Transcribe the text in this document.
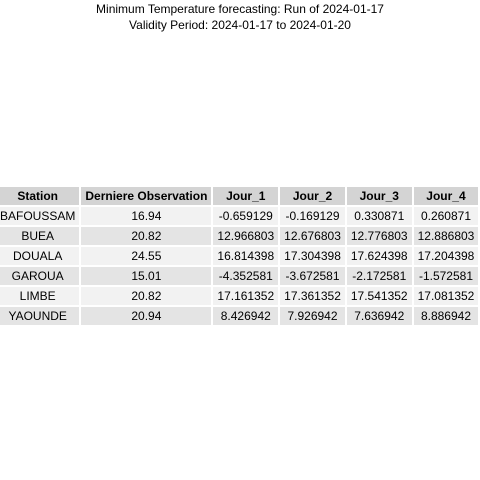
Minimum Temperature forecasting: Run of 2024-01-17
Validity Period: 2024-01-17 to 2024-01-20
Station	Derniere Observation	Jour_1	Jour_2	Jour_3	Jour_4
BAFOUSSAM	16.94	-0.659129	-0.169129	0.330871	0.260871
BUEA	20.82	12.966803	12.676803	12.776803	12.886803
DOUALA	24.55	16.814398	17.304398	17.624398	17.204398
GAROUA	15.01	-4.352581	-3.672581	-2.172581	-1.572581
LIMBE	20.82	17.161352	17.361352	17.541352	17.081352
YAOUNDE	20.94	8.426942	7.926942	7.636942	8.886942
